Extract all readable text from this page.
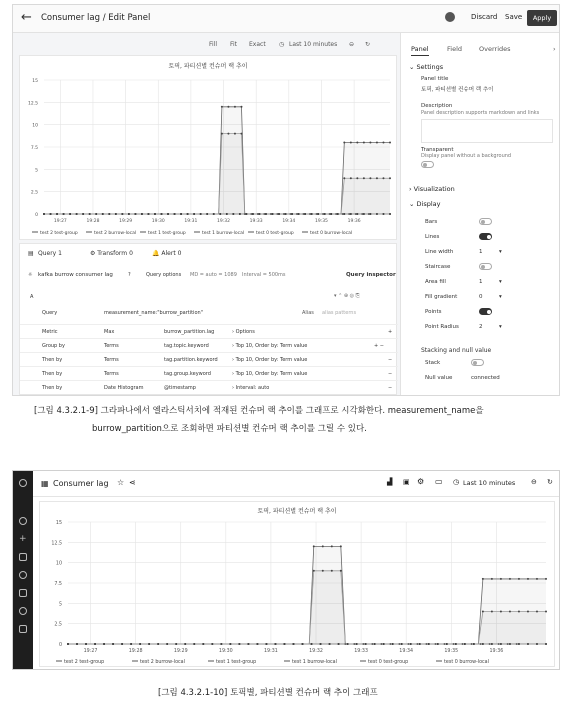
← Consumer lag / Edit Panel	Discard Save	Apply
Fill Fit Exact ◷ Last 10 minutes ⊖ ↻
토픽, 파티션별 컨슈머 랙 추이
0
2.5
5
7.5
10
12.5
15
19:27	19:28	19:29	19:30	19:31	19:32	19:33	19:34	19:35	19:36
test 2 test-group	test 2 burrow-local	test 1 test-group	test 1 burrow-local	test 0 test-group	test 0 burrow-local
▤ Query 1	⚙ Transform 0	🔔 Alert 0
☼ kafka burrow consumer lag	?	Query options MD = auto = 1089 Interval = 500ms	Query inspector
A	▾ ⌃ ⊕ ◎ ⎘
Query	measurement_name:"burrow_partition"	Alias alias patterns
Metric	Max	burrow_partition.lag	› Options	+
Group by	Terms	tag.topic.keyword	› Top 10, Order by: Term value	+ −
Then by	Terms	tag.partition.keyword	› Top 10, Order by: Term value	−
Then by	Terms	tag.group.keyword	› Top 10, Order by: Term value	−
Then by	Date Histogram	@timestamp	› Interval: auto	−
Panel	Field	Overrides	›
⌄ Settings
Panel title
토픽, 파티션별 컨슈머 랙 추이
Description
Panel description supports markdown and links
Transparent
Display panel without a background
› Visualization
⌄ Display
Bars
Lines
Line width	1	▾
Staircase
Area fill	1	▾
Fill gradient	0	▾
Points
Point Radius	2	▾
Stacking and null value
Stack
Null value	connected
[그림 4.3.2.1-9] 그라파나에서 엘라스틱서치에 적재된 컨슈머 랙 추이를 그래프로 시각화한다. measurement_name을
burrow_partition으로 조회하면 파티션별 컨슈머 랙 추이를 그릴 수 있다.
+
▦ Consumer lag ☆ ⋖	▟ ▣ ⚙ ▭ ◷ Last 10 minutes ⊖ ↻
토픽, 파티션별 컨슈머 랙 추이
0
2.5
5
7.5
10
12.5
15
19:27	19:28	19:29	19:30	19:31	19:32	19:33	19:34	19:35	19:36
test 2 test-group	test 2 burrow-local	test 1 test-group	test 1 burrow-local	test 0 test-group	test 0 burrow-local
[그림 4.3.2.1-10] 토픽별, 파티션별 컨슈머 랙 추이 그래프
